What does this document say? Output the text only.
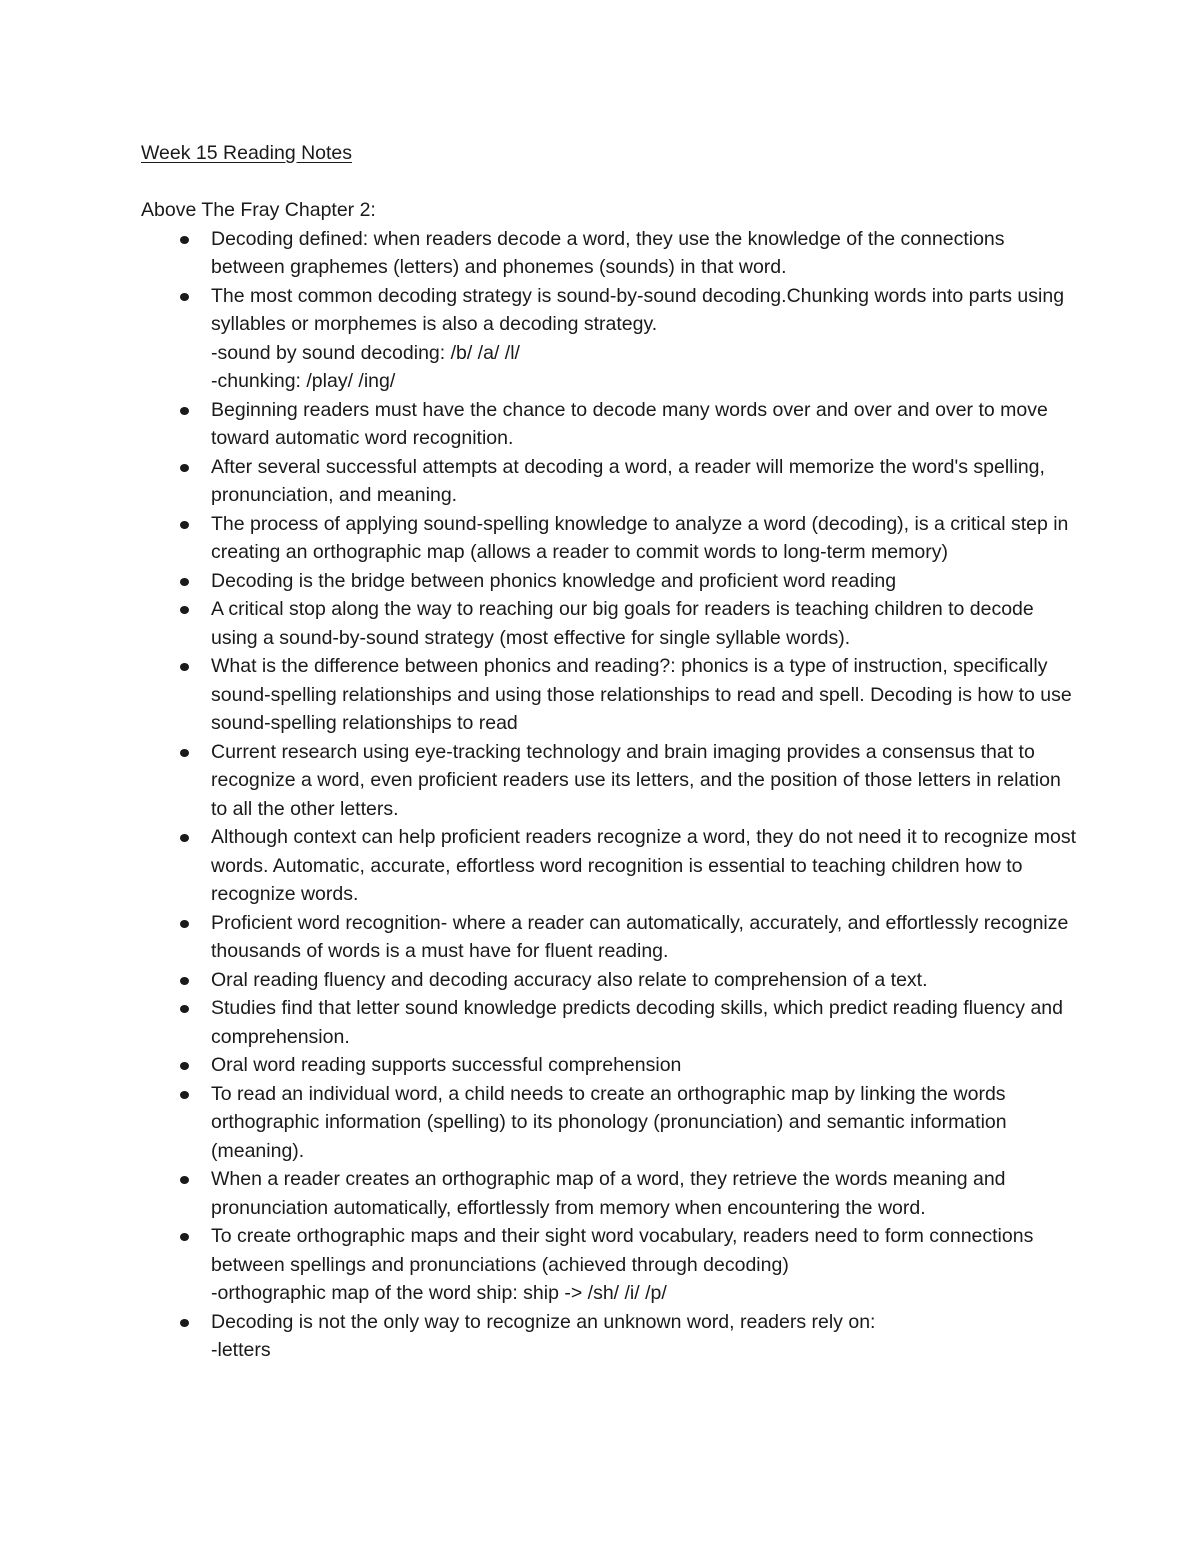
Week 15 Reading Notes
Above The Fray Chapter 2:
Decoding defined: when readers decode a word, they use the knowledge of the connections between graphemes (letters) and phonemes (sounds) in that word.
The most common decoding strategy is sound-by-sound decoding.Chunking words into parts using syllables or morphemes is also a decoding strategy.
-sound by sound decoding: /b/ /a/ /l/
-chunking: /play/ /ing/
Beginning readers must have the chance to decode many words over and over and over to move toward automatic word recognition.
After several successful attempts at decoding a word, a reader will memorize the word's spelling, pronunciation, and meaning.
The process of applying sound-spelling knowledge to analyze a word (decoding), is a critical step in creating an orthographic map (allows a reader to commit words to long-term memory)
Decoding is the bridge between phonics knowledge and proficient word reading
A critical stop along the way to reaching our big goals for readers is teaching children to decode using a sound-by-sound strategy (most effective for single syllable words).
What is the difference between phonics and reading?: phonics is a type of instruction, specifically sound-spelling relationships and using those relationships to read and spell. Decoding is how to use sound-spelling relationships to read
Current research using eye-tracking technology and brain imaging provides a consensus that to recognize a word, even proficient readers use its letters, and the position of those letters in relation to all the other letters.
Although context can help proficient readers recognize a word, they do not need it to recognize most words. Automatic, accurate, effortless word recognition is essential to teaching children how to recognize words.
Proficient word recognition- where a reader can automatically, accurately, and effortlessly recognize thousands of words is a must have for fluent reading.
Oral reading fluency and decoding accuracy also relate to comprehension of a text.
Studies find that letter sound knowledge predicts decoding skills, which predict reading fluency and comprehension.
Oral word reading supports successful comprehension
To read an individual word, a child needs to create an orthographic map by linking the words orthographic information (spelling) to its phonology (pronunciation) and semantic information (meaning).
When a reader creates an orthographic map of a word, they retrieve the words meaning and pronunciation automatically, effortlessly from memory when encountering the word.
To create orthographic maps and their sight word vocabulary, readers need to form connections between spellings and pronunciations (achieved through decoding)
-orthographic map of the word ship: ship -> /sh/ /i/ /p/
Decoding is not the only way to recognize an unknown word, readers rely on:
-letters
